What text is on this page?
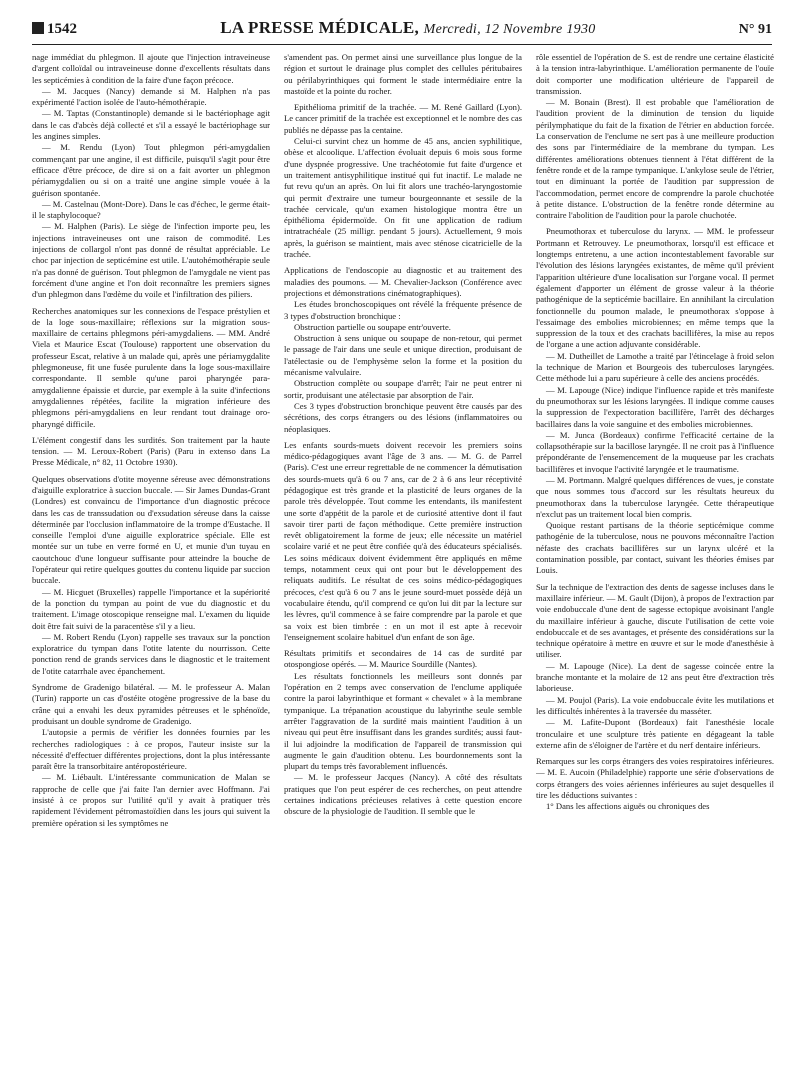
1542	LA PRESSE MÉDICALE, Mercredi, 12 Novembre 1930	N° 91

nage immédiat du phlegmon. Il ajoute que l'injection intraveineuse d'argent colloïdal ou intraveineuse donne d'excellents résultats dans les septicémies à condition de la faire d'une façon précoce.

— M. Jacques (Nancy) demande si M. Halphen n'a pas expérimenté l'action isolée de l'auto-hémothérapie.

— M. Taptas (Constantinople) demande si le bactériophage agit dans le cas d'abcès déjà collecté et s'il a essayé le bactériophage sur les angines simples.

— M. Rendu (Lyon) Tout phlegmon péri-amygdalien commençant par une angine, il est difficile, puisqu'il s'agit pour être efficace d'être précoce, de dire si on a fait avorter un phlegmon périamygdalien ou si on a traité une angine simple vouée à la guérison spontanée.

— M. Castelnau (Mont-Dore). Dans le cas d'échec, le germe était-il le staphylocoque?

— M. Halphen (Paris). Le siège de l'infection importe peu, les injections intraveineuses ont une raison de commodité. Les injections de collargol n'ont pas donné de résultat appréciable. Le choc par injection de septicémine est utile. L'autohémothérapie seule n'a pas donné de guérison. Tout phlegmon de l'amygdale ne vient pas forcément d'une angine et l'on doit reconnaître les premiers signes d'un phlegmon dans l'œdème du voile et l'infiltration des piliers.

Recherches anatomiques sur les connexions de l'espace préstylien et de la loge sous-maxillaire; réflexions sur la migration sous-maxillaire de certains phlegmons péri-amygdaliens. — MM. André Viela et Maurice Escat (Toulouse) rapportent une observation du professeur Escat, relative à un malade qui, après une périamygdalite phlegmoneuse, fit une fusée purulente dans la loge sous-maxillaire correspondante. Il semble qu'une paroi pharyngée para-amygdalienne épaissie et durcie, par exemple à la suite d'infections amygdaliennes répétées, facilite la migration inférieure des phlegmons péri-amygdaliens en leur rendant tout drainage oro-pharyngé difficile.

L'élément congestif dans les surdités. Son traitement par la haute tension. — M. Leroux-Robert (Paris) (Paru in extenso dans La Presse Médicale, n° 82, 11 Octobre 1930).

Quelques observations d'otite moyenne séreuse avec démonstrations d'aiguille exploratrice à succion buccale. — Sir James Dundas-Grant (Londres) est convaincu de l'importance d'un diagnostic précoce dans les cas de transsudation ou d'exsudation séreuse dans la caisse déterminée par l'occlusion inflammatoire de la trompe d'Eustache. Il conseille l'emploi d'une aiguille exploratrice spéciale. Elle est montée sur un tube en verre formé en U, et munie d'un tuyau en caoutchouc d'une longueur suffisante pour atteindre la bouche de l'opérateur qui retire quelques gouttes du contenu liquide par succion buccale.

— M. Hicguet (Bruxelles) rappelle l'importance et la supériorité de la ponction du tympan au point de vue du diagnostic et du traitement. L'image otoscopique renseigne mal. L'examen du liquide doit être fait suivi de la paracentèse s'il y a lieu.

— M. Robert Rendu (Lyon) rappelle ses travaux sur la ponction exploratrice du tympan dans l'otite latente du nourrisson. Cette ponction rend de grands services dans le diagnostic et le traitement de l'otite catarrhale avec épanchement.

Syndrome de Gradenigo bilatéral. — M. le professeur A. Malan (Turin) rapporte un cas d'ostéite otogène progressive de la base du crâne qui a envahi les deux pyramides pétreuses et le sphénoïde, produisant un double syndrome de Gradenigo.

L'autopsie a permis de vérifier les données fournies par les recherches radiologiques : à ce propos, l'auteur insiste sur la nécessité d'effectuer différentes projections, dont la plus intéressante paraît être la transorbitaire antéropostérieure.

— M. Liébault. L'intéressante communication de Malan se rapproche de celle que j'ai faite l'an dernier avec Hoffmann. J'ai insisté à ce propos sur l'utilité qu'il y avait à pratiquer très rapidement l'évidement pétromastoïdien dans les jours qui suivent la première opération si les symptômes ne

s'amendent pas. On permet ainsi une surveillance plus longue de la région et surtout le drainage plus complet des cellules péritubaires ou périlabyrinthiques qui forment le stade intermédiaire entre la mastoïde et la pointe du rocher.

Epithélioma primitif de la trachée. — M. René Gaillard (Lyon). Le cancer primitif de la trachée est exceptionnel et le nombre des cas publiés ne dépasse pas la centaine.

Celui-ci survint chez un homme de 45 ans, ancien syphilitique, obèse et alcoolique. L'affection évoluait depuis 6 mois sous forme d'une dyspnée progressive. Une trachéotomie fut faite d'urgence et un traitement antisyphilitique institué qui fut inactif. Le malade ne fut revu qu'un an après. On lui fit alors une trachéo-laryngostomie qui permit d'extraire une tumeur bourgeonnante et sessile de la trachée cervicale, qu'un examen histologique montra être un épithélioma épidermoïde. On fit une application de radium intratrachéale (25 milligr. pendant 5 jours). Actuellement, 9 mois après, la guérison se maintient, mais avec sténose cicatricielle de la trachée.

Applications de l'endoscopie au diagnostic et au traitement des maladies des poumons. — M. Chevalier-Jackson (Conférence avec projections et démonstrations cinématographiques).

Les études bronchoscopiques ont révélé la fréquente présence de 3 types d'obstruction bronchique :

Obstruction partielle ou soupape entr'ouverte.

Obstruction à sens unique ou soupape de non-retour, qui permet le passage de l'air dans une seule et unique direction, produisant de l'atélectasie ou de l'emphysème selon la forme et la position du mécanisme valvulaire.

Obstruction complète ou soupape d'arrêt; l'air ne peut entrer ni sortir, produisant une atélectasie par absorption de l'air.

Ces 3 types d'obstruction bronchique peuvent être causés par des sécrétions, des corps étrangers ou des lésions (inflammatoires ou néoplasiques.

Les enfants sourds-muets doivent recevoir les premiers soins médico-pédagogiques avant l'âge de 3 ans. — M. G. de Parrel (Paris). C'est une erreur regrettable de ne commencer la démutisation des sourds-muets qu'à 6 ou 7 ans, car de 2 à 6 ans leur réceptivité pédagogique est très grande et la plasticité de leurs organes de la parole très développée. Tout comme les entendants, ils manifestent une sorte d'appétit de la parole et de curiosité attentive dont il faut savoir tirer parti de façon méthodique. Cette première instruction revêt obligatoirement la forme de jeux; elle nécessite un matériel scolaire varié et ne peut être confiée qu'à des éducateurs spécialisés. Les soins médicaux doivent évidemment être appliqués en même temps, notamment ceux qui ont pour but le développement des reliquats auditifs. Le résultat de ces soins médico-pédagogiques précoces, c'est qu'à 6 ou 7 ans le jeune sourd-muet possède déjà un vocabulaire étendu, qu'il comprend ce qu'on lui dit par la lecture sur les lèvres, qu'il commence à se faire comprendre par la parole et que sa voix est bien timbrée : en un mot il est apte à recevoir l'enseignement scolaire habituel d'un enfant de son âge.

Résultats primitifs et secondaires de 14 cas de surdité par otospongiose opérés. — M. Maurice Sourdille (Nantes).

Les résultats fonctionnels les meilleurs sont donnés par l'opération en 2 temps avec conservation de l'enclume appliquée contre la paroi labyrinthique et formant « chevalet » à la membrane tympanique. La trépanation acoustique du labyrinthe seule semble arrêter l'aggravation de la surdité mais maintient l'audition à un niveau qui peut être insuffisant dans les grandes surdités; aussi faut-il lui adjoindre la modification de l'appareil de transmission qui augmente le gain d'audition obtenu. Les bourdonnements sont la plupart du temps très favorablement influencés.

— M. le professeur Jacques (Nancy). A côté des résultats pratiques que l'on peut espérer de ces recherches, on peut attendre certaines indications précieuses relatives à cette question encore obscure de la physiologie de l'audition. Il semble que le

rôle essentiel de l'opération de S. est de rendre une certaine élasticité à la tension intra-labyrinthique. L'amélioration permanente de l'ouïe doit comporter une modification ultérieure de l'appareil de transmission.

— M. Bonain (Brest). Il est probable que l'amélioration de l'audition provient de la diminution de tension du liquide périlymphatique du fait de la fixation de l'étrier en abduction forcée. La conservation de l'enclume ne sert pas à une meilleure production des sons par l'intermédiaire de la membrane du tympan. Les différentes améliorations obtenues tiennent à l'état différent de la fenêtre ronde et de la rampe tympanique. L'ankylose seule de l'étrier, tout en diminuant la portée de l'audition par suppression de l'accommodation, permet encore de comprendre la parole chuchotée à petite distance. L'obstruction de la fenêtre ronde détermine au contraire l'abolition de l'audition pour la parole chuchotée.

Pneumothorax et tuberculose du larynx. — MM. le professeur Portmann et Retrouvey. Le pneumothorax, lorsqu'il est efficace et longtemps entretenu, a une action incontestablement favorable sur l'évolution des lésions laryngées existantes, de même qu'il prévient l'apparition ultérieure d'une localisation sur l'organe vocal. Il permet également d'apporter un élément de grosse valeur à la théorie pathogénique de la septicémie bacillaire. En annihilant la circulation fonctionnelle du poumon malade, le pneumothorax s'oppose à l'essaimage des embolies microbiennes; en même temps que la suppression de la toux et des crachats bacillifères, la mise au repos de l'organe a une action adjuvante considérable.

— M. Dutheillet de Lamothe a traité par l'étincelage à froid selon la technique de Marion et Bourgeois des tuberculoses laryngées. Cette méthode lui a paru supérieure à celle des anciens procédés.

— M. Lapouge (Nice) indique l'influence rapide et très manifeste du pneumothorax sur les lésions laryngées. Il indique comme causes la suppression de l'expectoration bacillifère, l'arrêt des décharges bacillaires dans la voie sanguine et des embolies microbiennes.

— M. Junca (Bordeaux) confirme l'efficacité certaine de la collapsothérapie sur la bacillose laryngée. Il ne croit pas à l'influence prépondérante de l'ensemencement de la muqueuse par les crachats bacillifères et invoque l'activité laryngée et le traumatisme.

— M. Portmann. Malgré quelques différences de vues, je constate que nous sommes tous d'accord sur les résultats heureux du pneumothorax dans la tuberculose laryngée. Cette thérapeutique n'exclut pas un traitement local bien compris.

Quoique restant partisans de la théorie septicémique comme pathogénie de la tuberculose, nous ne pouvons méconnaître l'action néfaste des crachats bacillifères sur un larynx ulcéré et la contamination possible, par contact, suivant les théories émises par Louis.

Sur la technique de l'extraction des dents de sagesse incluses dans le maxillaire inférieur. — M. Gault (Dijon), à propos de l'extraction par voie endobuccale d'une dent de sagesse ectopique avoisinant l'angle du maxillaire inférieur à gauche, discute l'utilisation de cette voie endobuccale et de ses avantages, et présente des considérations sur la technique opératoire à mettre en œuvre et sur le mode d'anesthésie à utiliser.

— M. Lapouge (Nice). La dent de sagesse coincée entre la branche montante et la molaire de 12 ans peut être d'extraction très laborieuse.

— M. Poujol (Paris). La voie endobuccale évite les mutilations et les difficultés inhérentes à la traversée du masséter.

— M. Lafite-Dupont (Bordeaux) fait l'anesthésie locale tronculaire et une sculpture très patiente en dégageant la table externe afin de s'éloigner de l'artère et du nerf dentaire inférieurs.

Remarques sur les corps étrangers des voies respiratoires inférieures. — M. E. Aucoin (Philadelphie) rapporte une série d'observations de corps étrangers des voies aériennes inférieures au sujet desquelles il tire les déductions suivantes :

1° Dans les affections aiguës ou chroniques des
